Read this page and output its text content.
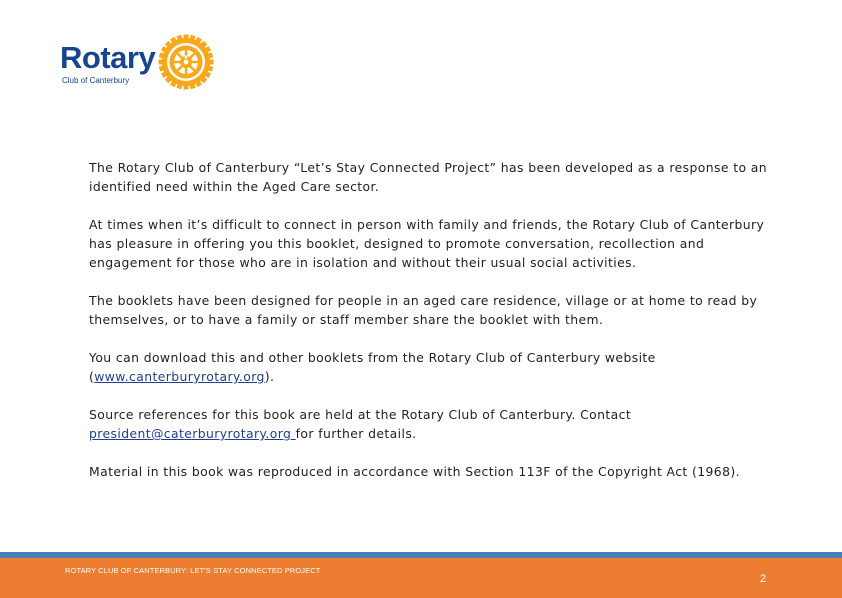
Rotary
Club of Canterbury

The Rotary Club of Canterbury “Let’s Stay Connected Project” has been developed as a response to an identified need within the Aged Care sector.

At times when it’s difficult to connect in person with family and friends, the Rotary Club of Canterbury has pleasure in offering you this booklet, designed to promote conversation, recollection and engagement for those who are in isolation and without their usual social activities.

The booklets have been designed for people in an aged care residence, village or at home to read by themselves, or to have a family or staff member share the booklet with them.

You can download this and other booklets from the Rotary Club of Canterbury website (www.canterburyrotary.org).

Source references for this book are held at the Rotary Club of Canterbury. Contact president@caterburyrotary.org for further details.

Material in this book was reproduced in accordance with Section 113F of the Copyright Act (1968).

ROTARY CLUB OF CANTERBURY: LET’S STAY CONNECTED PROJECT
2
